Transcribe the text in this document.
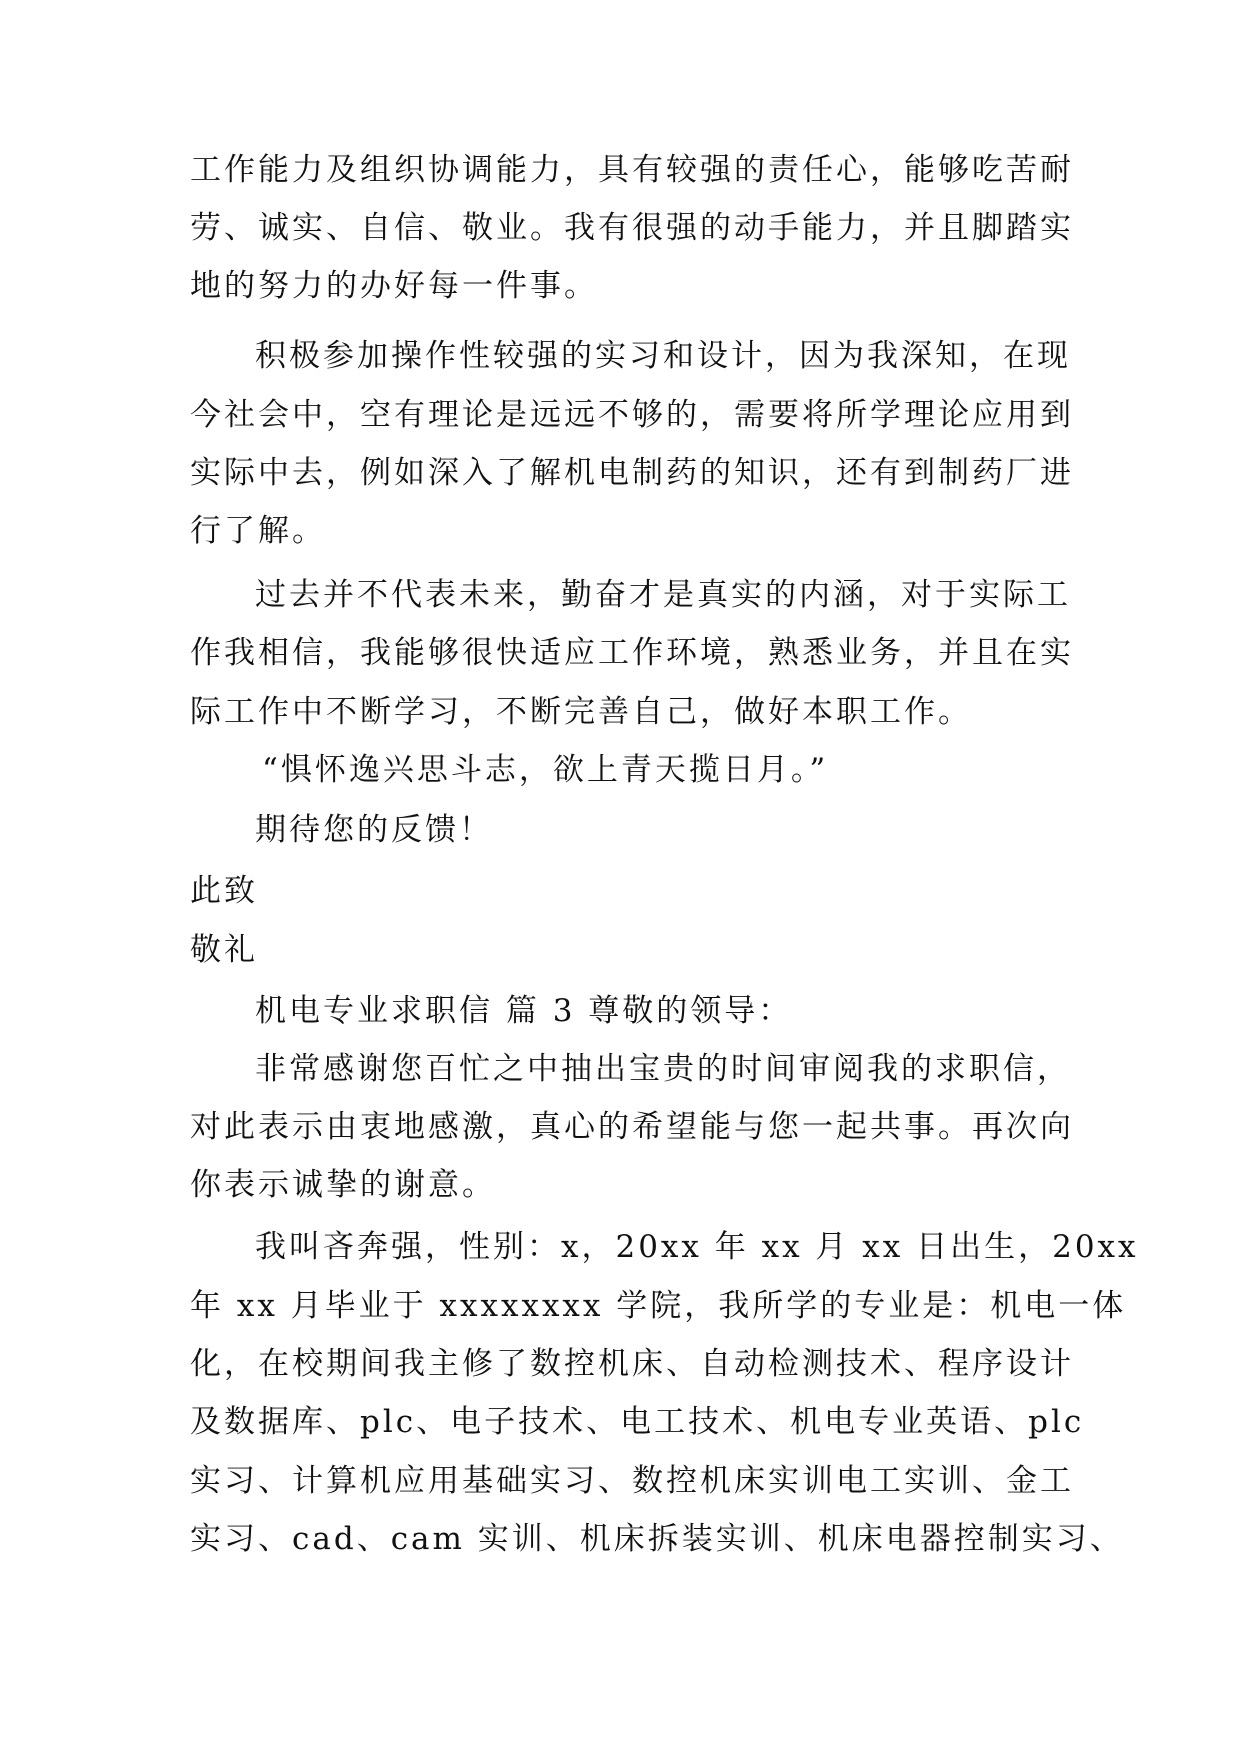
工作能力及组织协调能力，具有较强的责任心，能够吃苦耐
劳、诚实、自信、敬业。我有很强的动手能力，并且脚踏实
地的努力的办好每一件事。
积极参加操作性较强的实习和设计，因为我深知，在现
今社会中，空有理论是远远不够的，需要将所学理论应用到
实际中去，例如深入了解机电制药的知识，还有到制药厂进
行了解。
过去并不代表未来，勤奋才是真实的内涵，对于实际工
作我相信，我能够很快适应工作环境，熟悉业务，并且在实
际工作中不断学习，不断完善自己，做好本职工作。
“惧怀逸兴思斗志，欲上青天揽日月。”
期待您的反馈！
此致
敬礼
机电专业求职信 篇 3 尊敬的领导：
非常感谢您百忙之中抽出宝贵的时间审阅我的求职信，
对此表示由衷地感激，真心的希望能与您一起共事。再次向
你表示诚挚的谢意。
我叫吝奔强，性别：x，20xx 年 xx 月 xx 日出生，20xx
年 xx 月毕业于 xxxxxxxx 学院，我所学的专业是：机电一体
化，在校期间我主修了数控机床、自动检测技术、程序设计
及数据库、plc、电子技术、电工技术、机电专业英语、plc
实习、计算机应用基础实习、数控机床实训电工实训、金工
实习、cad、cam 实训、机床拆装实训、机床电器控制实习、
